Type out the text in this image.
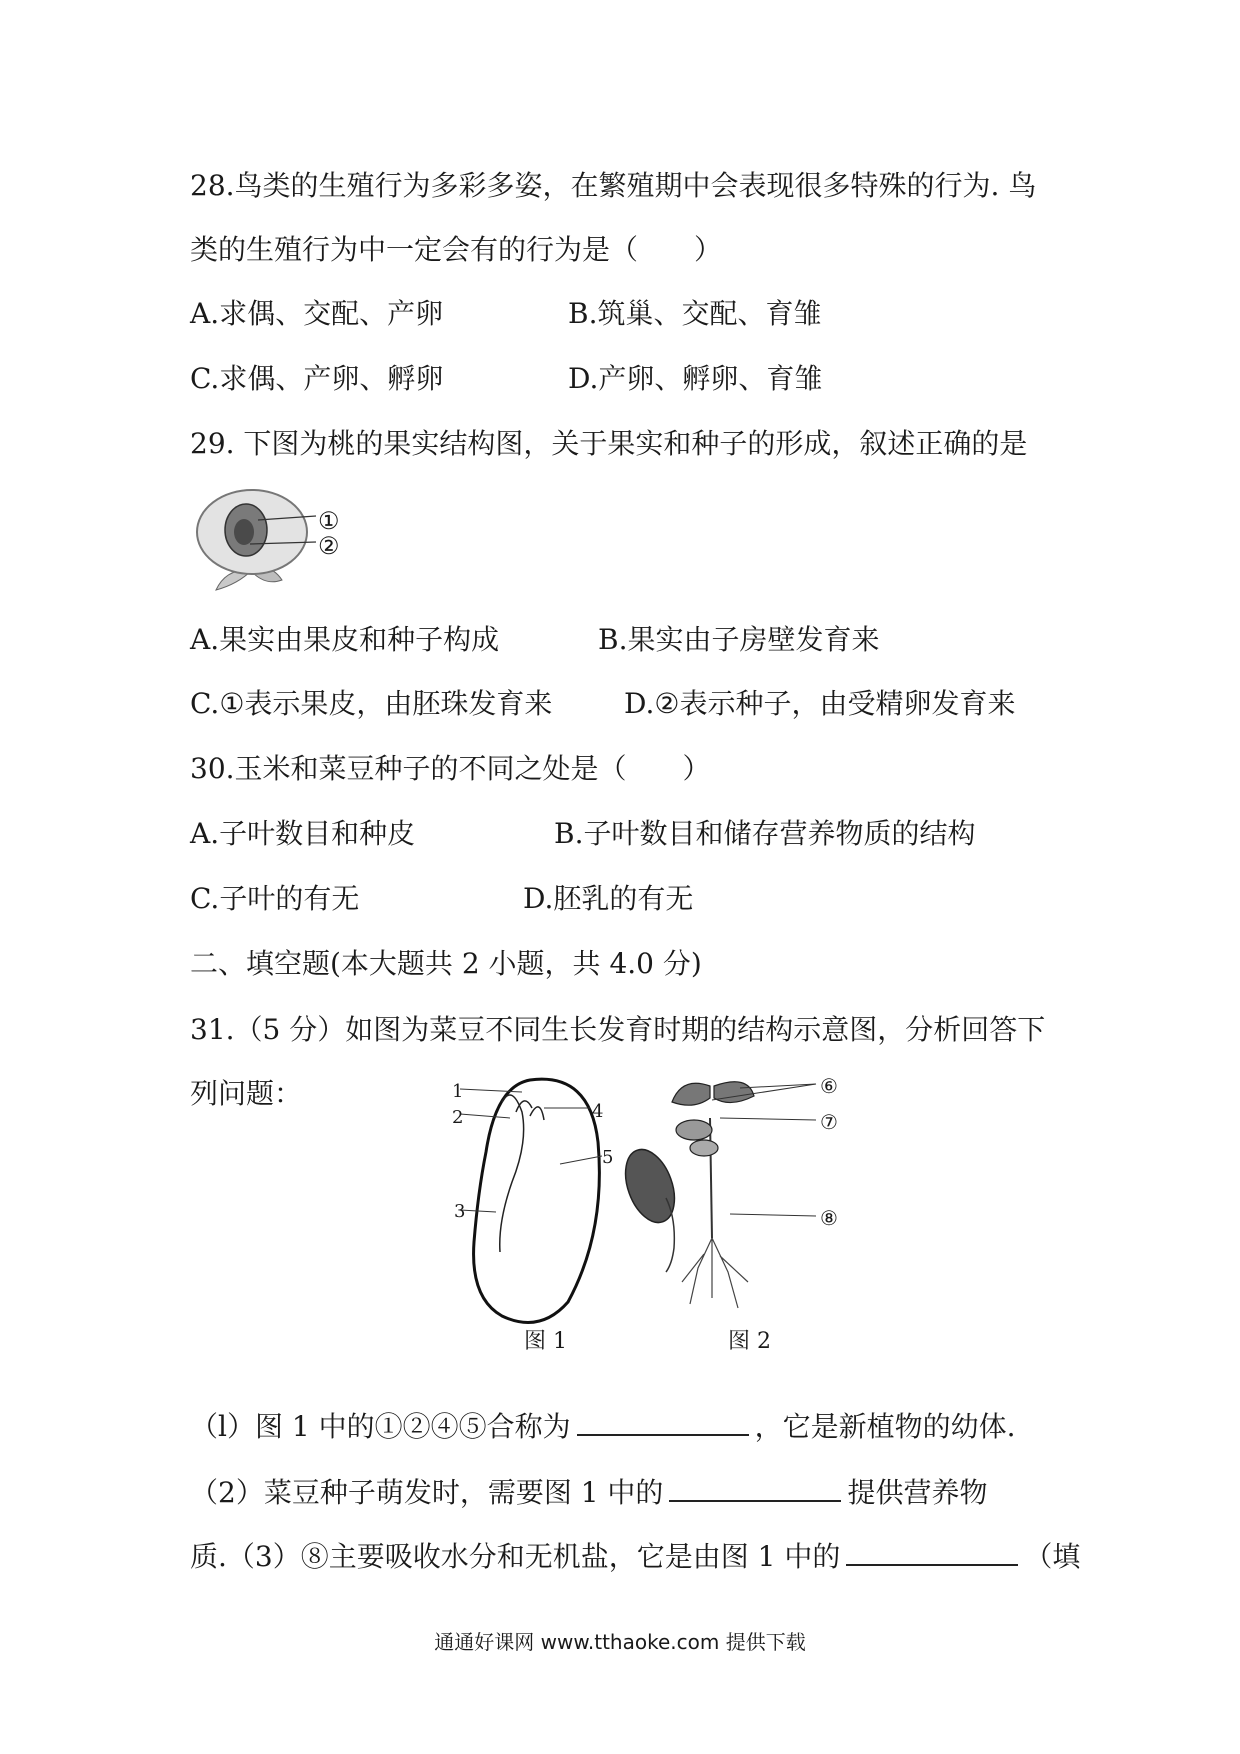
28.鸟类的生殖行为多彩多姿，在繁殖期中会表现很多特殊的行为. 鸟
类的生殖行为中一定会有的行为是（　　）
A.求偶、交配、产卵	B.筑巢、交配、育雏
C.求偶、产卵、孵卵	D.产卵、孵卵、育雏
29. 下图为桃的果实结构图，关于果实和种子的形成，叙述正确的是
①
②
A.果实由果皮和种子构成	B.果实由子房壁发育来
C.①表示果皮，由胚珠发育来	D.②表示种子，由受精卵发育来
30.玉米和菜豆种子的不同之处是（　　）
A.子叶数目和种皮	B.子叶数目和储存营养物质的结构
C.子叶的有无	D.胚乳的有无
二、填空题(本大题共 2 小题，共 4.0 分)
31.（5 分）如图为菜豆不同生长发育时期的结构示意图，分析回答下
列问题：	1
2
3
4
5
⑥
⑦
⑧
图 1	图 2
（l）图 1 中的①②④⑤合称为	，它是新植物的幼体.
（2）菜豆种子萌发时，需要图 1 中的	提供营养物
质.（3）⑧主要吸收水分和无机盐，它是由图 1 中的	（填
通通好课网 www.tthaoke.com 提供下载
